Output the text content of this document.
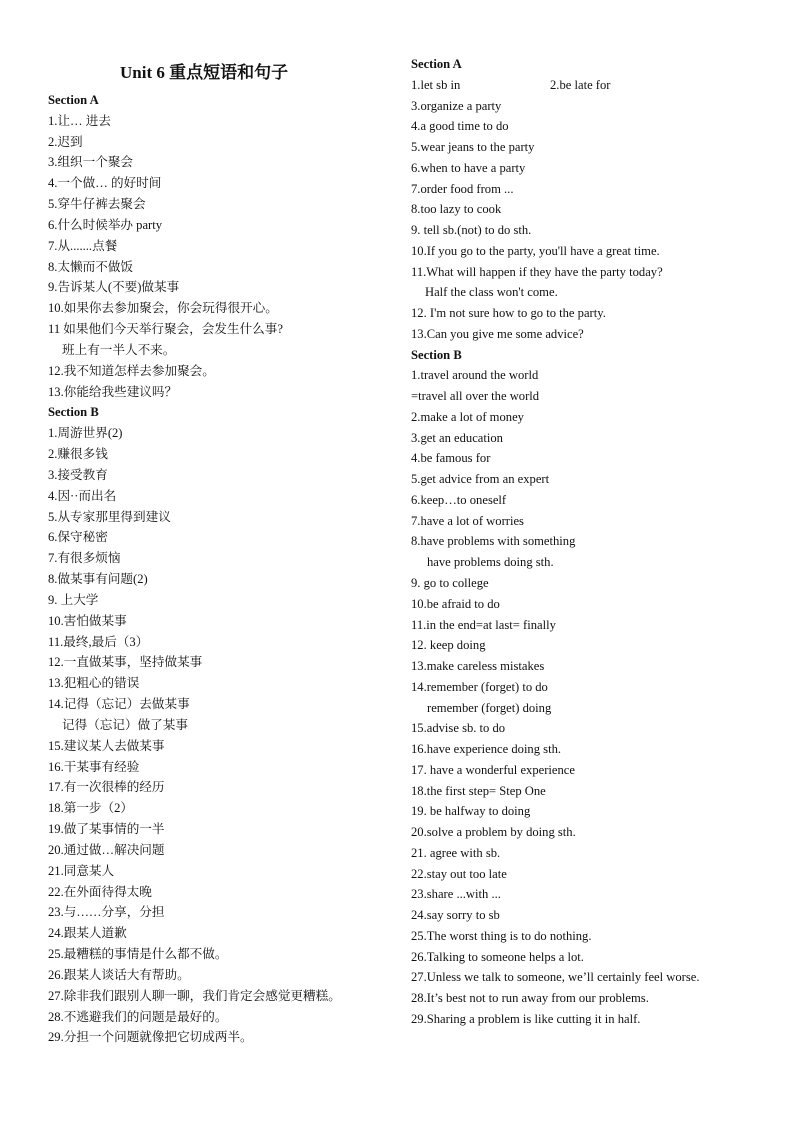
Unit 6 重点短语和句子
Section A
1.让… 进去
2.迟到
3.组织一个聚会
4.一个做… 的好时间
5.穿牛仔裤去聚会
6.什么时候举办 party
7.从.......点餐
8.太懒而不做饭
9.告诉某人(不要)做某事
10.如果你去参加聚会，你会玩得很开心。
11 如果他们今天举行聚会，会发生什么事?
班上有一半人不来。
12.我不知道怎样去参加聚会。
13.你能给我些建议吗？
Section B
1.周游世界(2)
2.赚很多钱
3.接受教育
4.因··而出名
5.从专家那里得到建议
6.保守秘密
7.有很多烦恼
8.做某事有问题(2)
9. 上大学
10.害怕做某事
11.最终,最后（3）
12.一直做某事，坚持做某事
13.犯粗心的错误
14.记得（忘记）去做某事
记得（忘记）做了某事
15.建议某人去做某事
16.干某事有经验
17.有一次很棒的经历
18.第一步（2）
19.做了某事情的一半
20.通过做…解决问题
21.同意某人
22.在外面待得太晚
23.与……分享，分担
24.跟某人道歉
25.最糟糕的事情是什么都不做。
26.跟某人谈话大有帮助。
27.除非我们跟别人聊一聊，我们肯定会感觉更糟糕。
28.不逃避我们的问题是最好的。
29.分担一个问题就像把它切成两半。
Section A
1.let sb in	2.be late for
3.organize a party
4.a good time to do
5.wear jeans to the party
6.when to have a party
7.order food from ...
8.too lazy to cook
9. tell sb.(not) to do sth.
10.If you go to the party, you'll have a great time.
11.What will happen if they have the party today?
Half the class won't come.
12. I'm not sure how to go to the party.
13.Can you give me some advice?
Section B
1.travel around the world
=travel all over the world
2.make a lot of money
3.get an education
4.be famous for
5.get advice from an expert
6.keep…to oneself
7.have a lot of worries
8.have problems with something
have problems doing sth.
9. go to college
10.be afraid to do
11.in the end=at last= finally
12. keep doing
13.make careless mistakes
14.remember (forget) to do
remember (forget) doing
15.advise sb. to do
16.have experience doing sth.
17. have a wonderful experience
18.the first step= Step One
19. be halfway to doing
20.solve a problem by doing sth.
21. agree with sb.
22.stay out too late
23.share ...with ...
24.say sorry to sb
25.The worst thing is to do nothing.
26.Talking to someone helps a lot.
27.Unless we talk to someone, we’ll certainly feel worse.
28.It’s best not to run away from our problems.
29.Sharing a problem is like cutting it in half.
